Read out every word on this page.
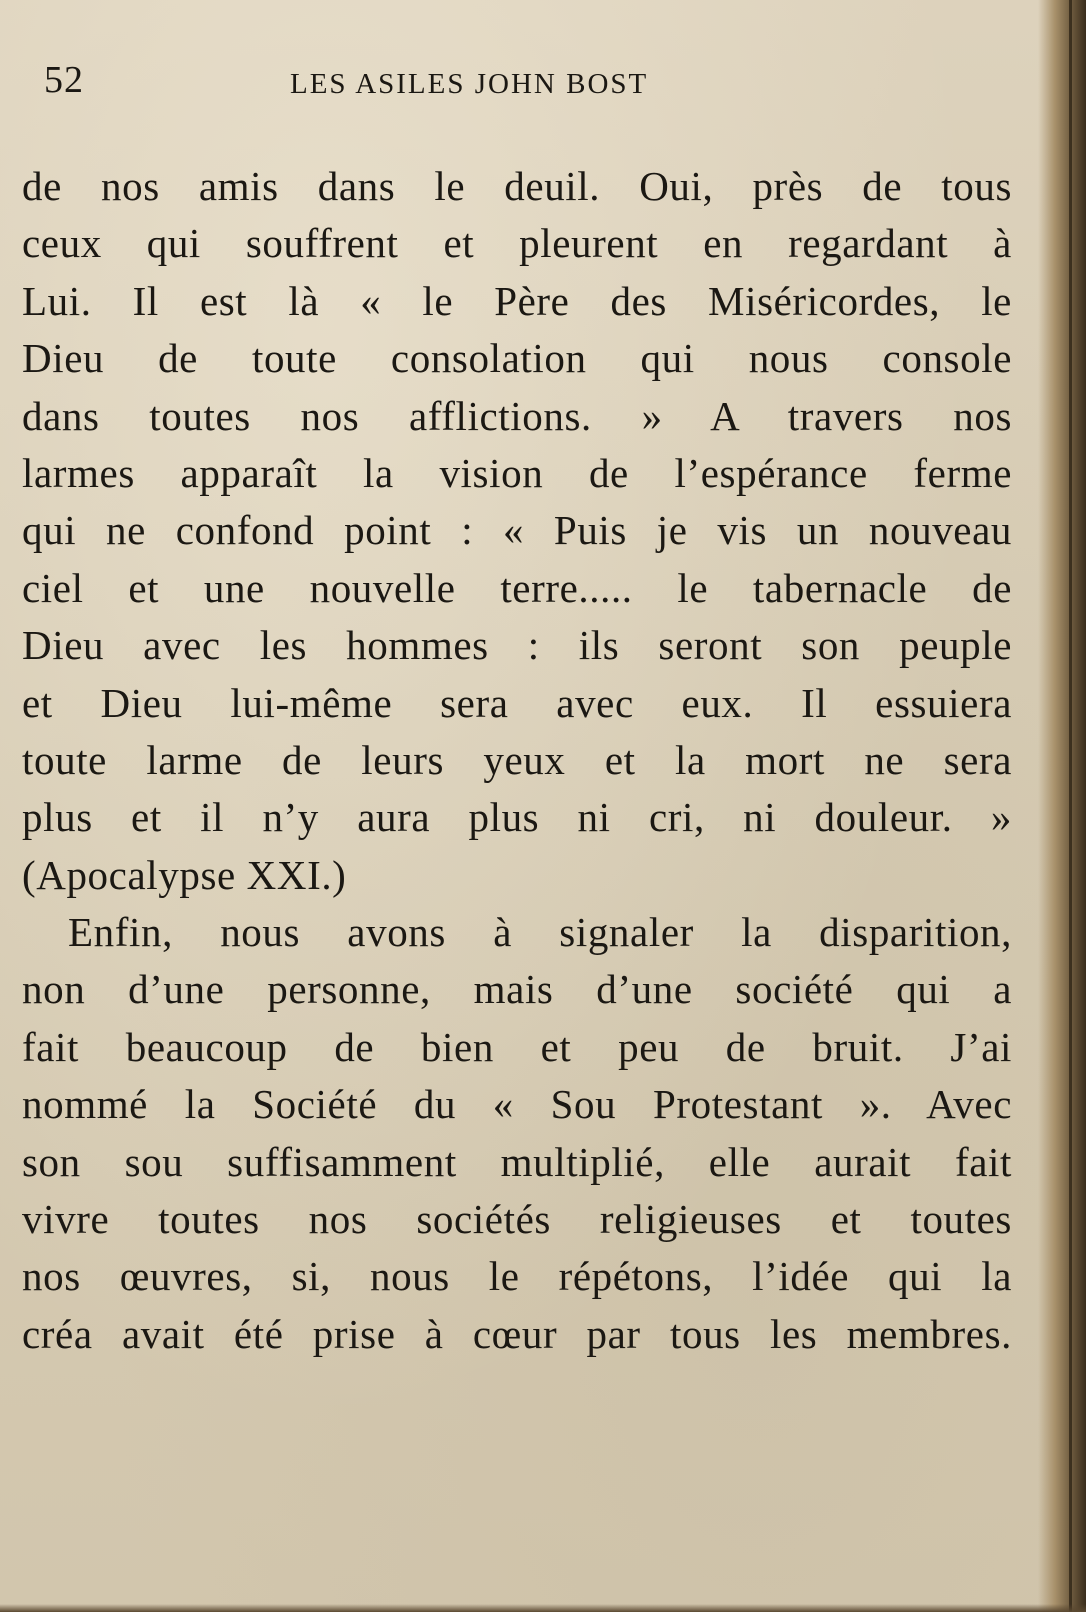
52	LES ASILES JOHN BOST
de nos amis dans le deuil. Oui, près de tous
ceux qui souffrent et pleurent en regardant à
Lui. Il est là « le Père des Miséricordes, le
Dieu de toute consolation qui nous console
dans toutes nos afflictions. » A travers nos
larmes apparaît la vision de l’espérance ferme
qui ne confond point : « Puis je vis un nouveau
ciel et une nouvelle terre..... le tabernacle de
Dieu avec les hommes : ils seront son peuple
et Dieu lui-même sera avec eux. Il essuiera
toute larme de leurs yeux et la mort ne sera
plus et il n’y aura plus ni cri, ni douleur. »
(Apocalypse XXI.)
Enfin, nous avons à signaler la disparition,
non d’une personne, mais d’une société qui a
fait beaucoup de bien et peu de bruit. J’ai
nommé la Société du « Sou Protestant ». Avec
son sou suffisamment multiplié, elle aurait fait
vivre toutes nos sociétés religieuses et toutes
nos œuvres, si, nous le répétons, l’idée qui la
créa avait été prise à cœur par tous les membres.
